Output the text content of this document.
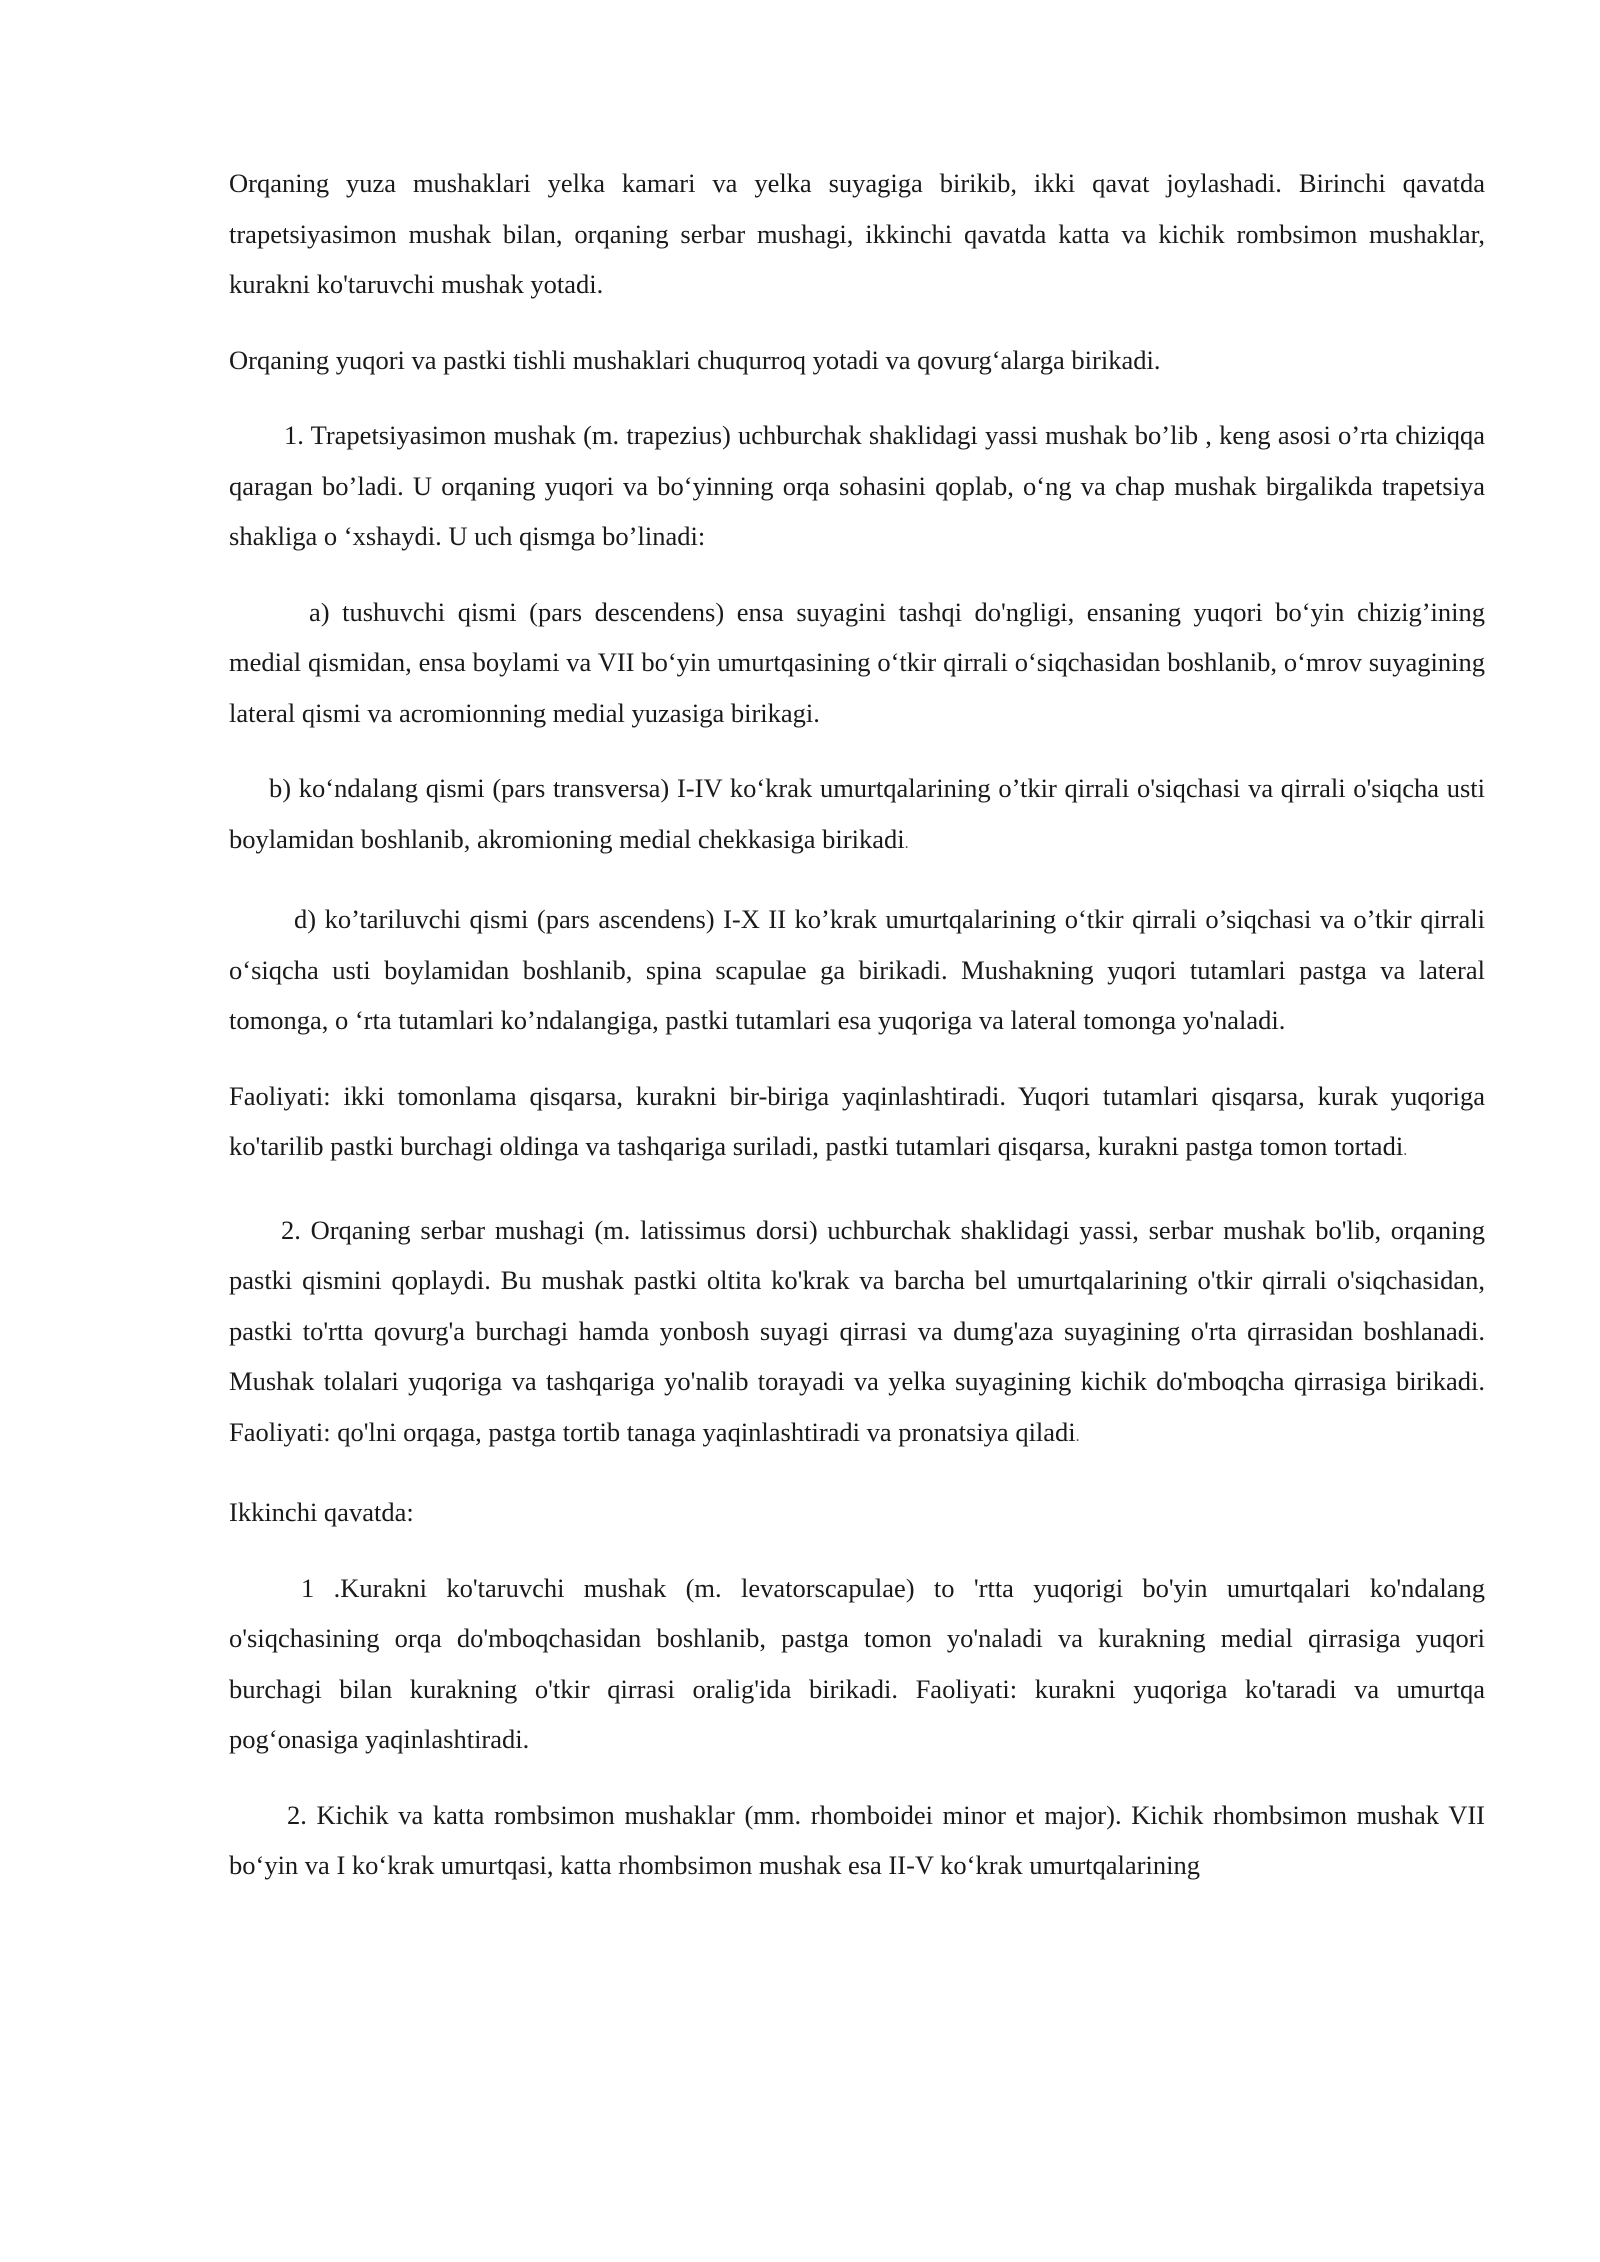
Orqaning yuza mushaklari yelka kamari va yelka suyagiga birikib, ikki qavat joylashadi. Birinchi qavatda trapetsiyasimon mushak bilan, orqaning serbar mushagi, ikkinchi qavatda katta va kichik rombsimon mushaklar, kurakni ko'taruvchi mushak yotadi.

Orqaning yuqori va pastki tishli mushaklari chuqurroq yotadi va qovurg‘alarga birikadi.

1. Trapetsiyasimon mushak (m. trapezius) uchburchak shaklidagi yassi mushak bo’lib , keng asosi o’rta chiziqqa qaragan bo’ladi. U orqaning yuqori va bo‘yinning orqa sohasini qoplab, o‘ng va chap mushak birgalikda trapetsiya shakliga o ‘xshaydi. U uch qismga bo’linadi:

a) tushuvchi qismi (pars descendens) ensa suyagini tashqi do'ngligi, ensaning yuqori bo‘yin chizig’ining medial qismidan, ensa boylami va VII bo‘yin umurtqasining o‘tkir qirrali o‘siqchasidan boshlanib, o‘mrov suyagining lateral qismi va acromionning medial yuzasiga birikagi.

b) ko‘ndalang qismi (pars transversa) I-IV ko‘krak umurtqalarining o’tkir qirrali o'siqchasi va qirrali o'siqcha usti boylamidan boshlanib, akromioning medial chekkasiga birikadi.

d) ko’tariluvchi qismi (pars ascendens) I-X II ko’krak umurtqalarining o‘tkir qirrali o’siqchasi va o’tkir qirrali o‘siqcha usti boylamidan boshlanib, spina scapulae ga birikadi. Mushakning yuqori tutamlari pastga va lateral tomonga, o ‘rta tutamlari ko’ndalangiga, pastki tutamlari esa yuqoriga va lateral tomonga yo'naladi.

Faoliyati: ikki tomonlama qisqarsa, kurakni bir-biriga yaqinlashtiradi. Yuqori tutamlari qisqarsa, kurak yuqoriga ko'tarilib pastki burchagi oldinga va tashqariga suriladi, pastki tutamlari qisqarsa, kurakni pastga tomon tortadi.

2. Orqaning serbar mushagi (m. latissimus dorsi) uchburchak shaklidagi yassi, serbar mushak bo'lib, orqaning pastki qismini qoplaydi. Bu mushak pastki oltita ko'krak va barcha bel umurtqalarining o'tkir qirrali o'siqchasidan, pastki to'rtta qovurg'a burchagi hamda yonbosh suyagi qirrasi va dumg'aza suyagining o'rta qirrasidan boshlanadi. Mushak tolalari yuqoriga va tashqariga yo'nalib torayadi va yelka suyagining kichik do'mboqcha qirrasiga birikadi. Faoliyati: qo'lni orqaga, pastga tortib tanaga yaqinlashtiradi va pronatsiya qiladi.

Ikkinchi qavatda:

1 .Kurakni ko'taruvchi mushak (m. levatorscapulae) to 'rtta yuqorigi bo'yin umurtqalari ko'ndalang o'siqchasining orqa do'mboqchasidan boshlanib, pastga tomon yo'naladi va kurakning medial qirrasiga yuqori burchagi bilan kurakning o'tkir qirrasi oralig'ida birikadi. Faoliyati: kurakni yuqoriga ko'taradi va umurtqa pog‘onasiga yaqinlashtiradi.

2. Kichik va katta rombsimon mushaklar (mm. rhomboidei minor et major). Kichik rhombsimon mushak VII bo‘yin va I ko‘krak umurtqasi, katta rhombsimon mushak esa II-V ko‘krak umurtqalarining
